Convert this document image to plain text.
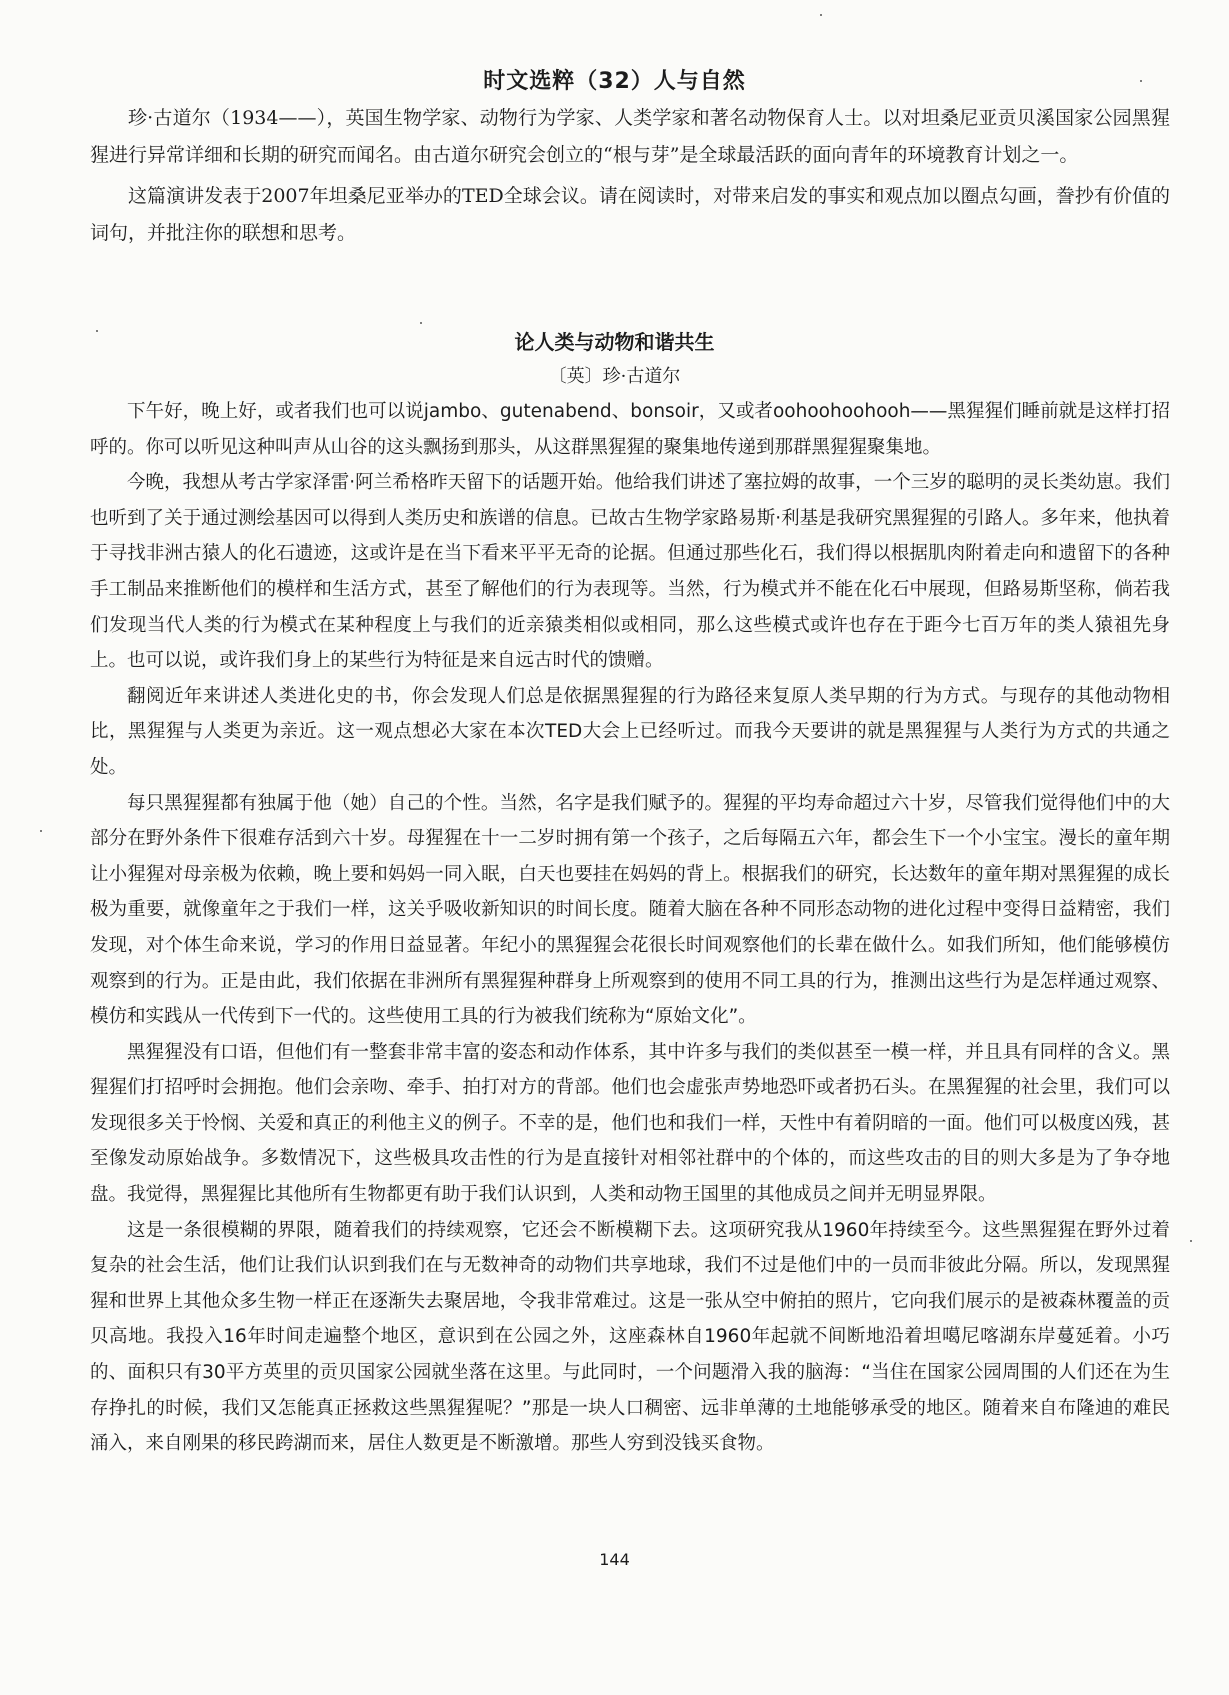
时文选粹（32）人与自然

珍·古道尔（1934——），英国生物学家、动物行为学家、人类学家和著名动物保育人士。以对坦桑尼亚贡贝溪国家公园黑猩猩进行异常详细和长期的研究而闻名。由古道尔研究会创立的“根与芽”是全球最活跃的面向青年的环境教育计划之一。

这篇演讲发表于2007年坦桑尼亚举办的TED全球会议。请在阅读时，对带来启发的事实和观点加以圈点勾画，誊抄有价值的词句，并批注你的联想和思考。

论人类与动物和谐共生
〔英〕珍·古道尔

下午好，晚上好，或者我们也可以说jambo、gutenabend、bonsoir，又或者oohoohoohooh——黑猩猩们睡前就是这样打招呼的。你可以听见这种叫声从山谷的这头飘扬到那头，从这群黑猩猩的聚集地传递到那群黑猩猩聚集地。

今晚，我想从考古学家泽雷·阿兰希格昨天留下的话题开始。他给我们讲述了塞拉姆的故事，一个三岁的聪明的灵长类幼崽。我们也听到了关于通过测绘基因可以得到人类历史和族谱的信息。已故古生物学家路易斯·利基是我研究黑猩猩的引路人。多年来，他执着于寻找非洲古猿人的化石遗迹，这或许是在当下看来平平无奇的论据。但通过那些化石，我们得以根据肌肉附着走向和遗留下的各种手工制品来推断他们的模样和生活方式，甚至了解他们的行为表现等。当然，行为模式并不能在化石中展现，但路易斯坚称，倘若我们发现当代人类的行为模式在某种程度上与我们的近亲猿类相似或相同，那么这些模式或许也存在于距今七百万年的类人猿祖先身上。也可以说，或许我们身上的某些行为特征是来自远古时代的馈赠。

翻阅近年来讲述人类进化史的书，你会发现人们总是依据黑猩猩的行为路径来复原人类早期的行为方式。与现存的其他动物相比，黑猩猩与人类更为亲近。这一观点想必大家在本次TED大会上已经听过。而我今天要讲的就是黑猩猩与人类行为方式的共通之处。

每只黑猩猩都有独属于他（她）自己的个性。当然，名字是我们赋予的。猩猩的平均寿命超过六十岁，尽管我们觉得他们中的大部分在野外条件下很难存活到六十岁。母猩猩在十一二岁时拥有第一个孩子，之后每隔五六年，都会生下一个小宝宝。漫长的童年期让小猩猩对母亲极为依赖，晚上要和妈妈一同入眠，白天也要挂在妈妈的背上。根据我们的研究，长达数年的童年期对黑猩猩的成长极为重要，就像童年之于我们一样，这关乎吸收新知识的时间长度。随着大脑在各种不同形态动物的进化过程中变得日益精密，我们发现，对个体生命来说，学习的作用日益显著。年纪小的黑猩猩会花很长时间观察他们的长辈在做什么。如我们所知，他们能够模仿观察到的行为。正是由此，我们依据在非洲所有黑猩猩种群身上所观察到的使用不同工具的行为，推测出这些行为是怎样通过观察、模仿和实践从一代传到下一代的。这些使用工具的行为被我们统称为“原始文化”。

黑猩猩没有口语，但他们有一整套非常丰富的姿态和动作体系，其中许多与我们的类似甚至一模一样，并且具有同样的含义。黑猩猩们打招呼时会拥抱。他们会亲吻、牵手、拍打对方的背部。他们也会虚张声势地恐吓或者扔石头。在黑猩猩的社会里，我们可以发现很多关于怜悯、关爱和真正的利他主义的例子。不幸的是，他们也和我们一样，天性中有着阴暗的一面。他们可以极度凶残，甚至像发动原始战争。多数情况下，这些极具攻击性的行为是直接针对相邻社群中的个体的，而这些攻击的目的则大多是为了争夺地盘。我觉得，黑猩猩比其他所有生物都更有助于我们认识到，人类和动物王国里的其他成员之间并无明显界限。

这是一条很模糊的界限，随着我们的持续观察，它还会不断模糊下去。这项研究我从1960年持续至今。这些黑猩猩在野外过着复杂的社会生活，他们让我们认识到我们在与无数神奇的动物们共享地球，我们不过是他们中的一员而非彼此分隔。所以，发现黑猩猩和世界上其他众多生物一样正在逐渐失去聚居地，令我非常难过。这是一张从空中俯拍的照片，它向我们展示的是被森林覆盖的贡贝高地。我投入16年时间走遍整个地区，意识到在公园之外，这座森林自1960年起就不间断地沿着坦噶尼喀湖东岸蔓延着。小巧的、面积只有30平方英里的贡贝国家公园就坐落在这里。与此同时，一个问题滑入我的脑海：“当住在国家公园周围的人们还在为生存挣扎的时候，我们又怎能真正拯救这些黑猩猩呢？”那是一块人口稠密、远非单薄的土地能够承受的地区。随着来自布隆迪的难民涌入，来自刚果的移民跨湖而来，居住人数更是不断激增。那些人穷到没钱买食物。

144
